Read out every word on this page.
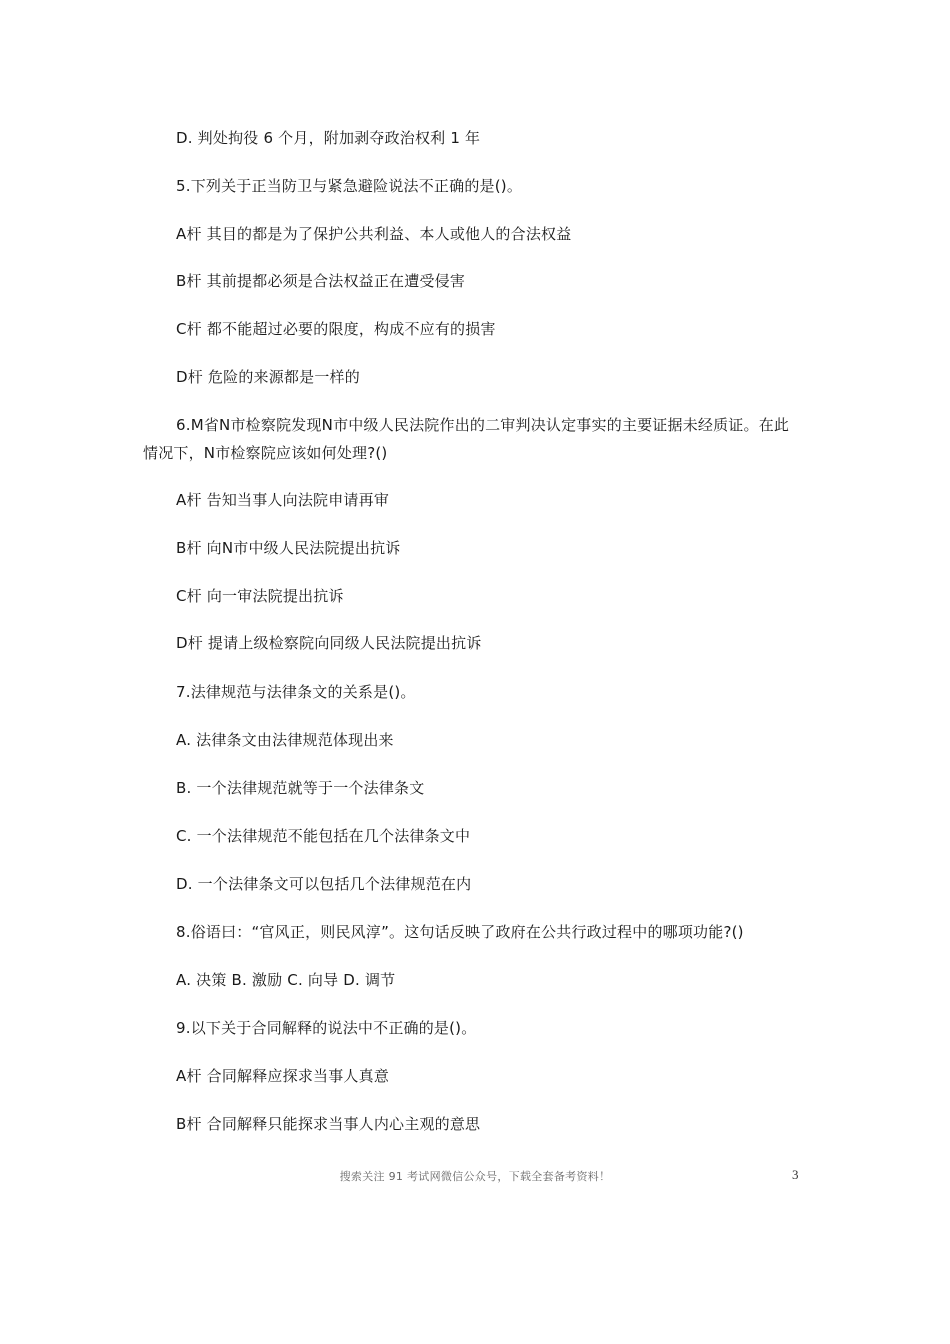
D. 判处拘役 6 个月，附加剥夺政治权利 1 年
5.下列关于正当防卫与紧急避险说法不正确的是()。
A杆 其目的都是为了保护公共利益、本人或他人的合法权益
B杆 其前提都必须是合法权益正在遭受侵害
C杆 都不能超过必要的限度，构成不应有的损害
D杆 危险的来源都是一样的
6.M省N市检察院发现N市中级人民法院作出的二审判决认定事实的主要证据未经质证。在此情况下，N市检察院应该如何处理?()
A杆 告知当事人向法院申请再审
B杆 向N市中级人民法院提出抗诉
C杆 向一审法院提出抗诉
D杆 提请上级检察院向同级人民法院提出抗诉
7.法律规范与法律条文的关系是()。
A. 法律条文由法律规范体现出来
B. 一个法律规范就等于一个法律条文
C. 一个法律规范不能包括在几个法律条文中
D. 一个法律条文可以包括几个法律规范在内
8.俗语曰：“官风正，则民风淳”。这句话反映了政府在公共行政过程中的哪项功能?()
A. 决策 B. 激励 C. 向导 D. 调节
9.以下关于合同解释的说法中不正确的是()。
A杆 合同解释应探求当事人真意
B杆 合同解释只能探求当事人内心主观的意思
搜索关注 91 考试网微信公众号，下载全套备考资料！	3
